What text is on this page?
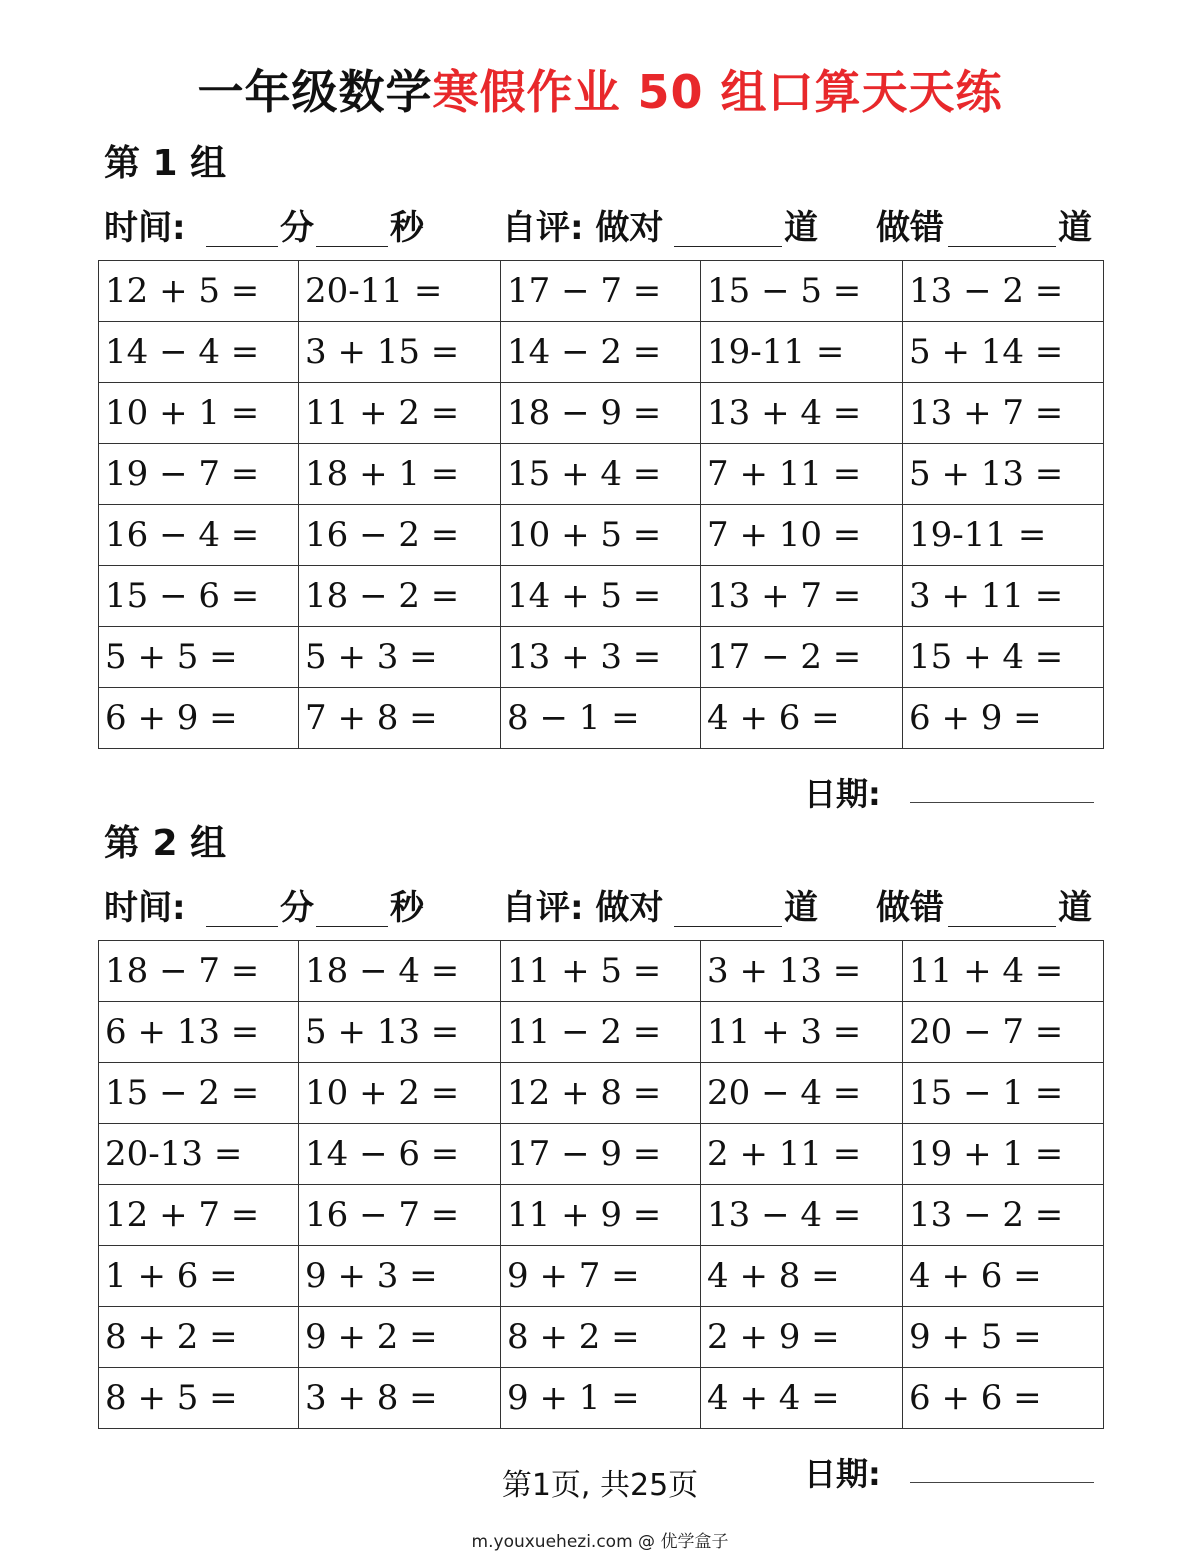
一年级数学寒假作业 50 组口算天天练
第 1 组
时间:	分 秒 自评: 做对	道 做错	道
12 + 5 =	20-11 =	17 − 7 =	15 − 5 =	13 − 2 =
14 − 4 =	3 + 15 =	14 − 2 =	19-11 =	5 + 14 =
10 + 1 =	11 + 2 =	18 − 9 =	13 + 4 =	13 + 7 =
19 − 7 =	18 + 1 =	15 + 4 =	7 + 11 =	5 + 13 =
16 − 4 =	16 − 2 =	10 + 5 =	7 + 10 =	19-11 =
15 − 6 =	18 − 2 =	14 + 5 =	13 + 7 =	3 + 11 =
5 + 5 =	5 + 3 =	13 + 3 =	17 − 2 =	15 + 4 =
6 + 9 =	7 + 8 =	8 − 1 =	4 + 6 =	6 + 9 =
日期:
第 2 组
时间:	分 秒 自评: 做对	道 做错	道
18 − 7 =	18 − 4 =	11 + 5 =	3 + 13 =	11 + 4 =
6 + 13 =	5 + 13 =	11 − 2 =	11 + 3 =	20 − 7 =
15 − 2 =	10 + 2 =	12 + 8 =	20 − 4 =	15 − 1 =
20-13 =	14 − 6 =	17 − 9 =	2 + 11 =	19 + 1 =
12 + 7 =	16 − 7 =	11 + 9 =	13 − 4 =	13 − 2 =
1 + 6 =	9 + 3 =	9 + 7 =	4 + 8 =	4 + 6 =
8 + 2 =	9 + 2 =	8 + 2 =	2 + 9 =	9 + 5 =
8 + 5 =	3 + 8 =	9 + 1 =	4 + 4 =	6 + 6 =
日期:
第1页, 共25页
m.youxuehezi.com @ 优学盒子
